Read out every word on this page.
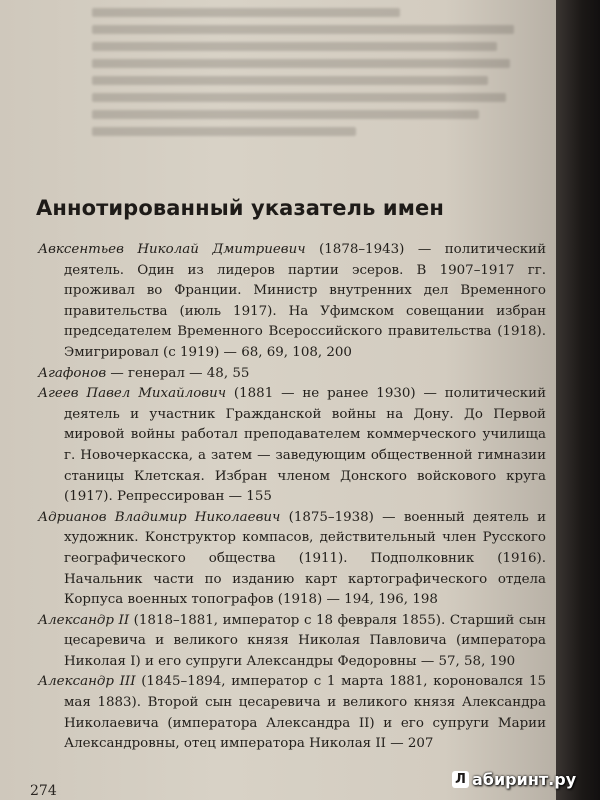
Аннотированный указатель имен

Авксентьев Николай Дмитриевич (1878–1943) — политический деятель. Один из лидеров партии эсеров. В 1907–1917 гг. проживал во Франции. Министр внутренних дел Временного правительства (июль 1917). На Уфимском совещании избран председателем Временного Всероссийского правительства (1918). Эмигрировал (с 1919) — 68, 69, 108, 200

Агафонов — генерал — 48, 55

Агеев Павел Михайлович (1881 — не ранее 1930) — политический деятель и участник Гражданской войны на Дону. До Первой мировой войны работал преподавателем коммерческого училища г. Новочеркасска, а затем — заведующим общественной гимназии станицы Клетская. Избран членом Донского войскового круга (1917). Репрессирован — 155

Адрианов Владимир Николаевич (1875–1938) — военный деятель и художник. Конструктор компасов, действительный член Русского географического общества (1911). Подполковник (1916). Начальник части по изданию карт картографического отдела Корпуса военных топографов (1918) — 194, 196, 198

Александр II (1818–1881, император с 18 февраля 1855). Старший сын цесаревича и великого князя Николая Павловича (императора Николая I) и его супруги Александры Федоровны — 57, 58, 190

Александр III (1845–1894, император с 1 марта 1881, короновался 15 мая 1883). Второй сын цесаревича и великого князя Александра Николаевича (императора Александра II) и его супруги Марии Александровны, отец императора Николая II — 207

274
Л абиринт.ру
